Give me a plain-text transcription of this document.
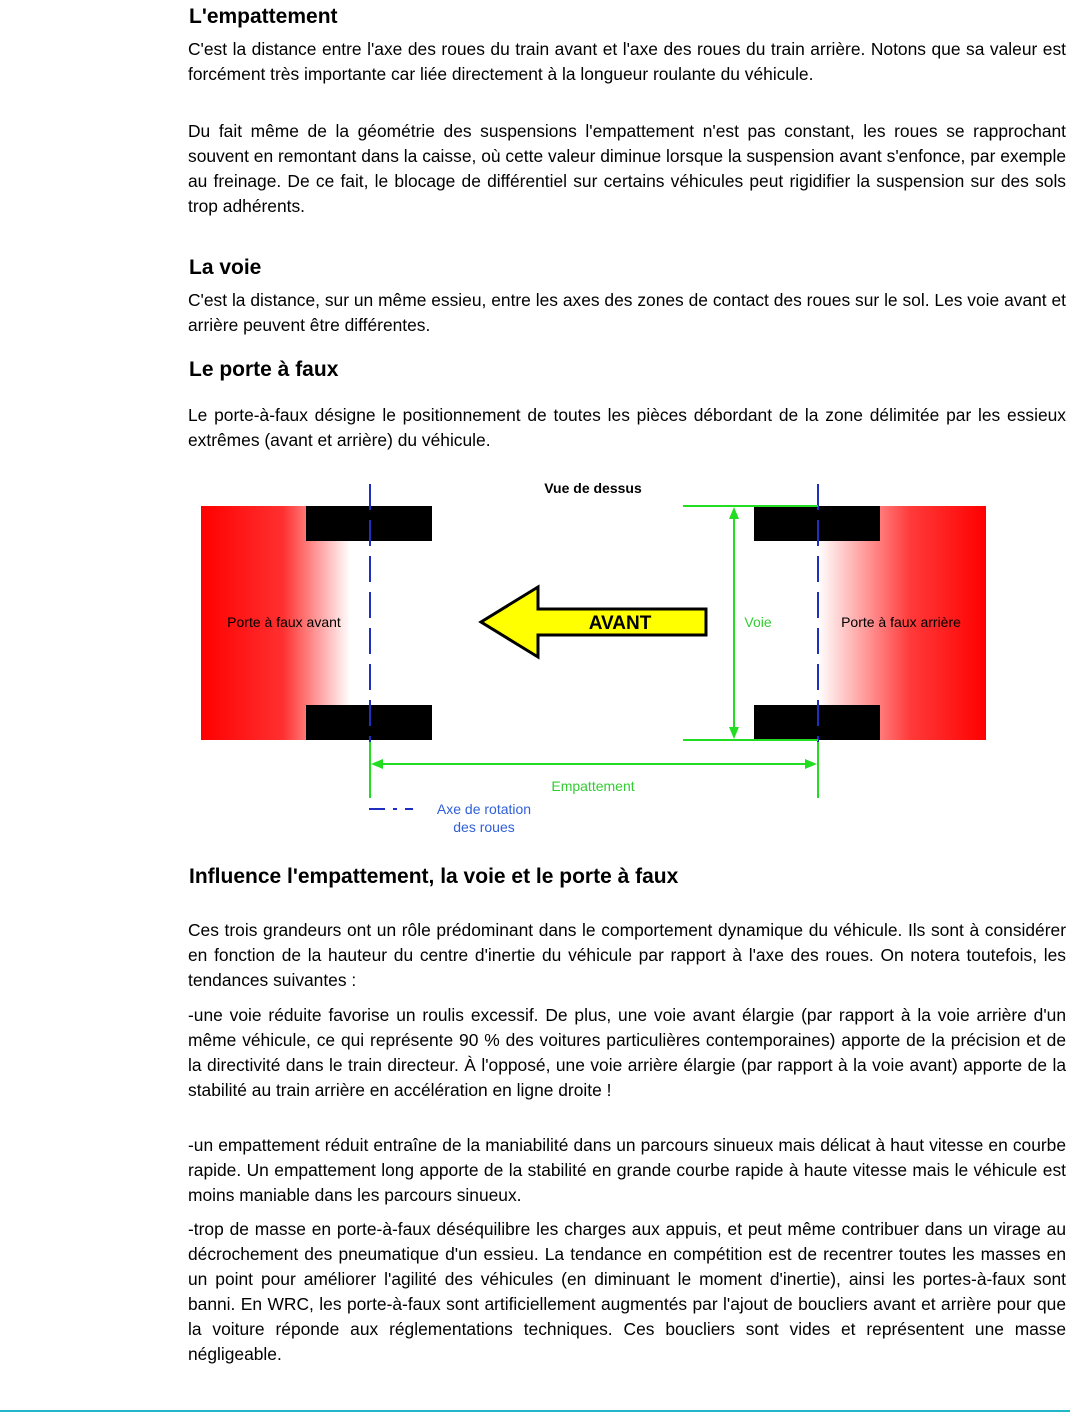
L'empattement

C'est la distance entre l'axe des roues du train avant et l'axe des roues du train arrière. Notons que sa valeur est forcément très importante car liée directement à la longueur roulante du véhicule.

Du fait même de la géométrie des suspensions l'empattement n'est pas constant, les roues se rapprochant souvent en remontant dans la caisse, où cette valeur diminue lorsque la suspension avant s'enfonce, par exemple au freinage. De ce fait, le blocage de différentiel sur certains véhicules peut rigidifier la suspension sur des sols trop adhérents.

La voie

C'est la distance, sur un même essieu, entre les axes des zones de contact des roues sur le sol. Les voie avant et arrière peuvent être différentes.

Le porte à faux

Le porte-à-faux désigne le positionnement de toutes les pièces débordant de la zone délimitée par les essieux extrêmes (avant et arrière) du véhicule.

AVANT
Vue de dessus
Porte à faux avant	Porte à faux arrière
Voie
Empattement
Axe de rotation
des roues
Influence l'empattement, la voie et le porte à faux

Ces trois grandeurs ont un rôle prédominant dans le comportement dynamique du véhicule. Ils sont à considérer en fonction de la hauteur du centre d'inertie du véhicule par rapport à l'axe des roues. On notera toutefois, les tendances suivantes :

-une voie réduite favorise un roulis excessif. De plus, une voie avant élargie (par rapport à la voie arrière d'un même véhicule, ce qui représente 90 % des voitures particulières contemporaines) apporte de la précision et de la directivité dans le train directeur. À l'opposé, une voie arrière élargie (par rapport à la voie avant) apporte de la stabilité au train arrière en accélération en ligne droite !

-un empattement réduit entraîne de la maniabilité dans un parcours sinueux mais délicat à haut vitesse en courbe rapide. Un empattement long apporte de la stabilité en grande courbe rapide à haute vitesse mais le véhicule est moins maniable dans les parcours sinueux.

-trop de masse en porte-à-faux déséquilibre les charges aux appuis, et peut même contribuer dans un virage au décrochement des pneumatique d'un essieu. La tendance en compétition est de recentrer toutes les masses en un point pour améliorer l'agilité des véhicules (en diminuant le moment d'inertie), ainsi les portes-à-faux sont banni. En WRC, les porte-à-faux sont artificiellement augmentés par l'ajout de boucliers avant et arrière pour que la voiture réponde aux réglementations techniques. Ces boucliers sont vides et représentent une masse négligeable.
